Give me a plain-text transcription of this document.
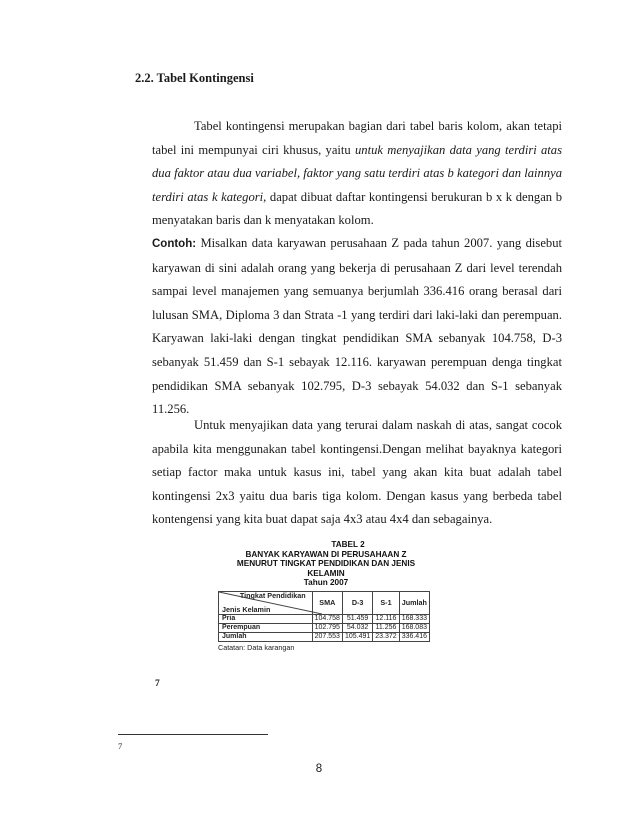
2.2. Tabel Kontingensi
Tabel kontingensi merupakan bagian dari tabel baris kolom, akan tetapi tabel ini mempunyai ciri khusus, yaitu untuk menyajikan data yang terdiri atas dua faktor atau dua variabel, faktor yang satu terdiri atas b kategori dan lainnya terdiri atas k kategori, dapat dibuat daftar kontingensi berukuran b x k dengan b menyatakan baris dan k menyatakan kolom.
Contoh: Misalkan data karyawan perusahaan Z pada tahun 2007. yang disebut karyawan di sini adalah orang yang bekerja di perusahaan Z dari level terendah sampai level manajemen yang semuanya berjumlah 336.416 orang berasal dari lulusan SMA, Diploma 3 dan Strata -1 yang terdiri dari laki-laki dan perempuan. Karyawan laki-laki dengan tingkat pendidikan SMA sebanyak 104.758, D-3 sebanyak 51.459 dan S-1 sebayak 12.116. karyawan perempuan denga tingkat pendidikan SMA sebanyak 102.795, D-3 sebayak 54.032 dan S-1 sebanyak 11.256.
Untuk menyajikan data yang terurai dalam naskah di atas, sangat cocok apabila kita menggunakan tabel kontingensi.Dengan melihat bayaknya kategori setiap factor maka untuk kasus ini, tabel yang akan kita buat adalah tabel kontingensi 2x3 yaitu dua baris tiga kolom. Dengan kasus yang berbeda tabel kontengensi yang kita buat dapat saja 4x3 atau 4x4 dan sebagainya.
TABEL 2
BANYAK KARYAWAN DI PERUSAHAAN Z
MENURUT TINGKAT PENDIDIKAN DAN JENIS KELAMIN
Tahun 2007
Tingkat Pendidikan
Jenis Kelamin	SMA	D-3	S-1	Jumlah
Pria	104.758	51.459	12.116	168.333
Perempuan	102.795	54.032	11.256	168.083
Jumlah	207.553	105.491	23.372	336.416
Catatan: Data karangan
7
7
8
